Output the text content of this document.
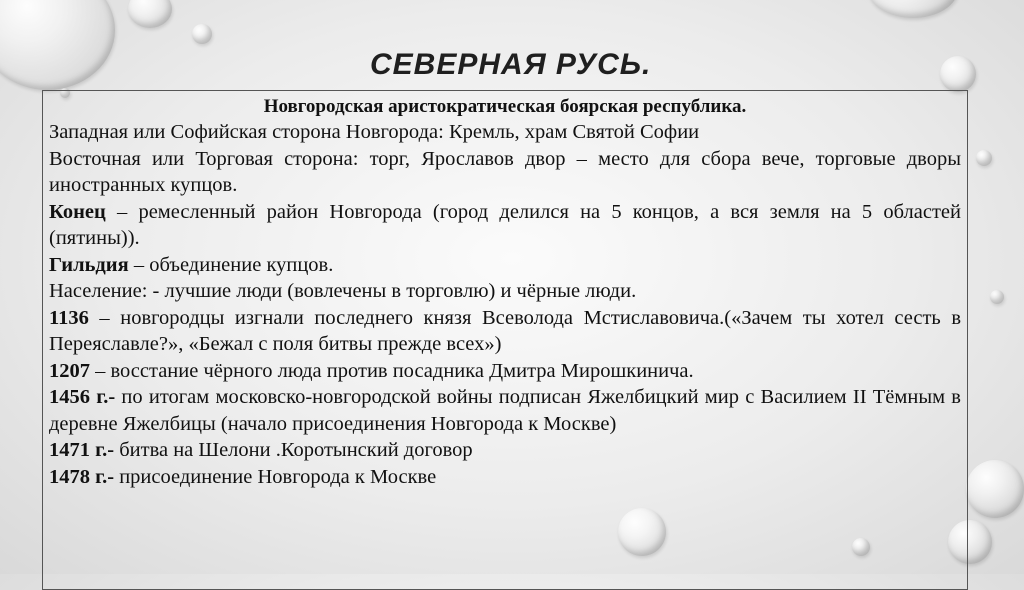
СЕВЕРНАЯ РУСЬ.
Новгородская аристократическая боярская республика.
Западная или Софийская сторона Новгорода: Кремль, храм Святой Софии
Восточная или Торговая сторона: торг, Ярославов двор – место для сбора вече, торговые дворы иностранных купцов.
Конец – ремесленный район Новгорода (город делился на 5 концов, а вся земля на 5 областей (пятины)).
Гильдия – объединение купцов.
Население: - лучшие люди (вовлечены в торговлю) и чёрные люди.
1136 – новгородцы изгнали последнего князя Всеволода Мстиславовича.(«Зачем ты хотел сесть в Переяславле?», «Бежал с поля битвы прежде всех»)
1207 – восстание чёрного люда против посадника Дмитра Мирошкинича.
1456 г.- по итогам московско-новгородской войны подписан Яжелбицкий мир с Василием II Тёмным в деревне Яжелбицы (начало присоединения Новгорода к Москве)
1471 г.- битва на Шелони .Коротынский договор
1478 г.- присоединение Новгорода к Москве
